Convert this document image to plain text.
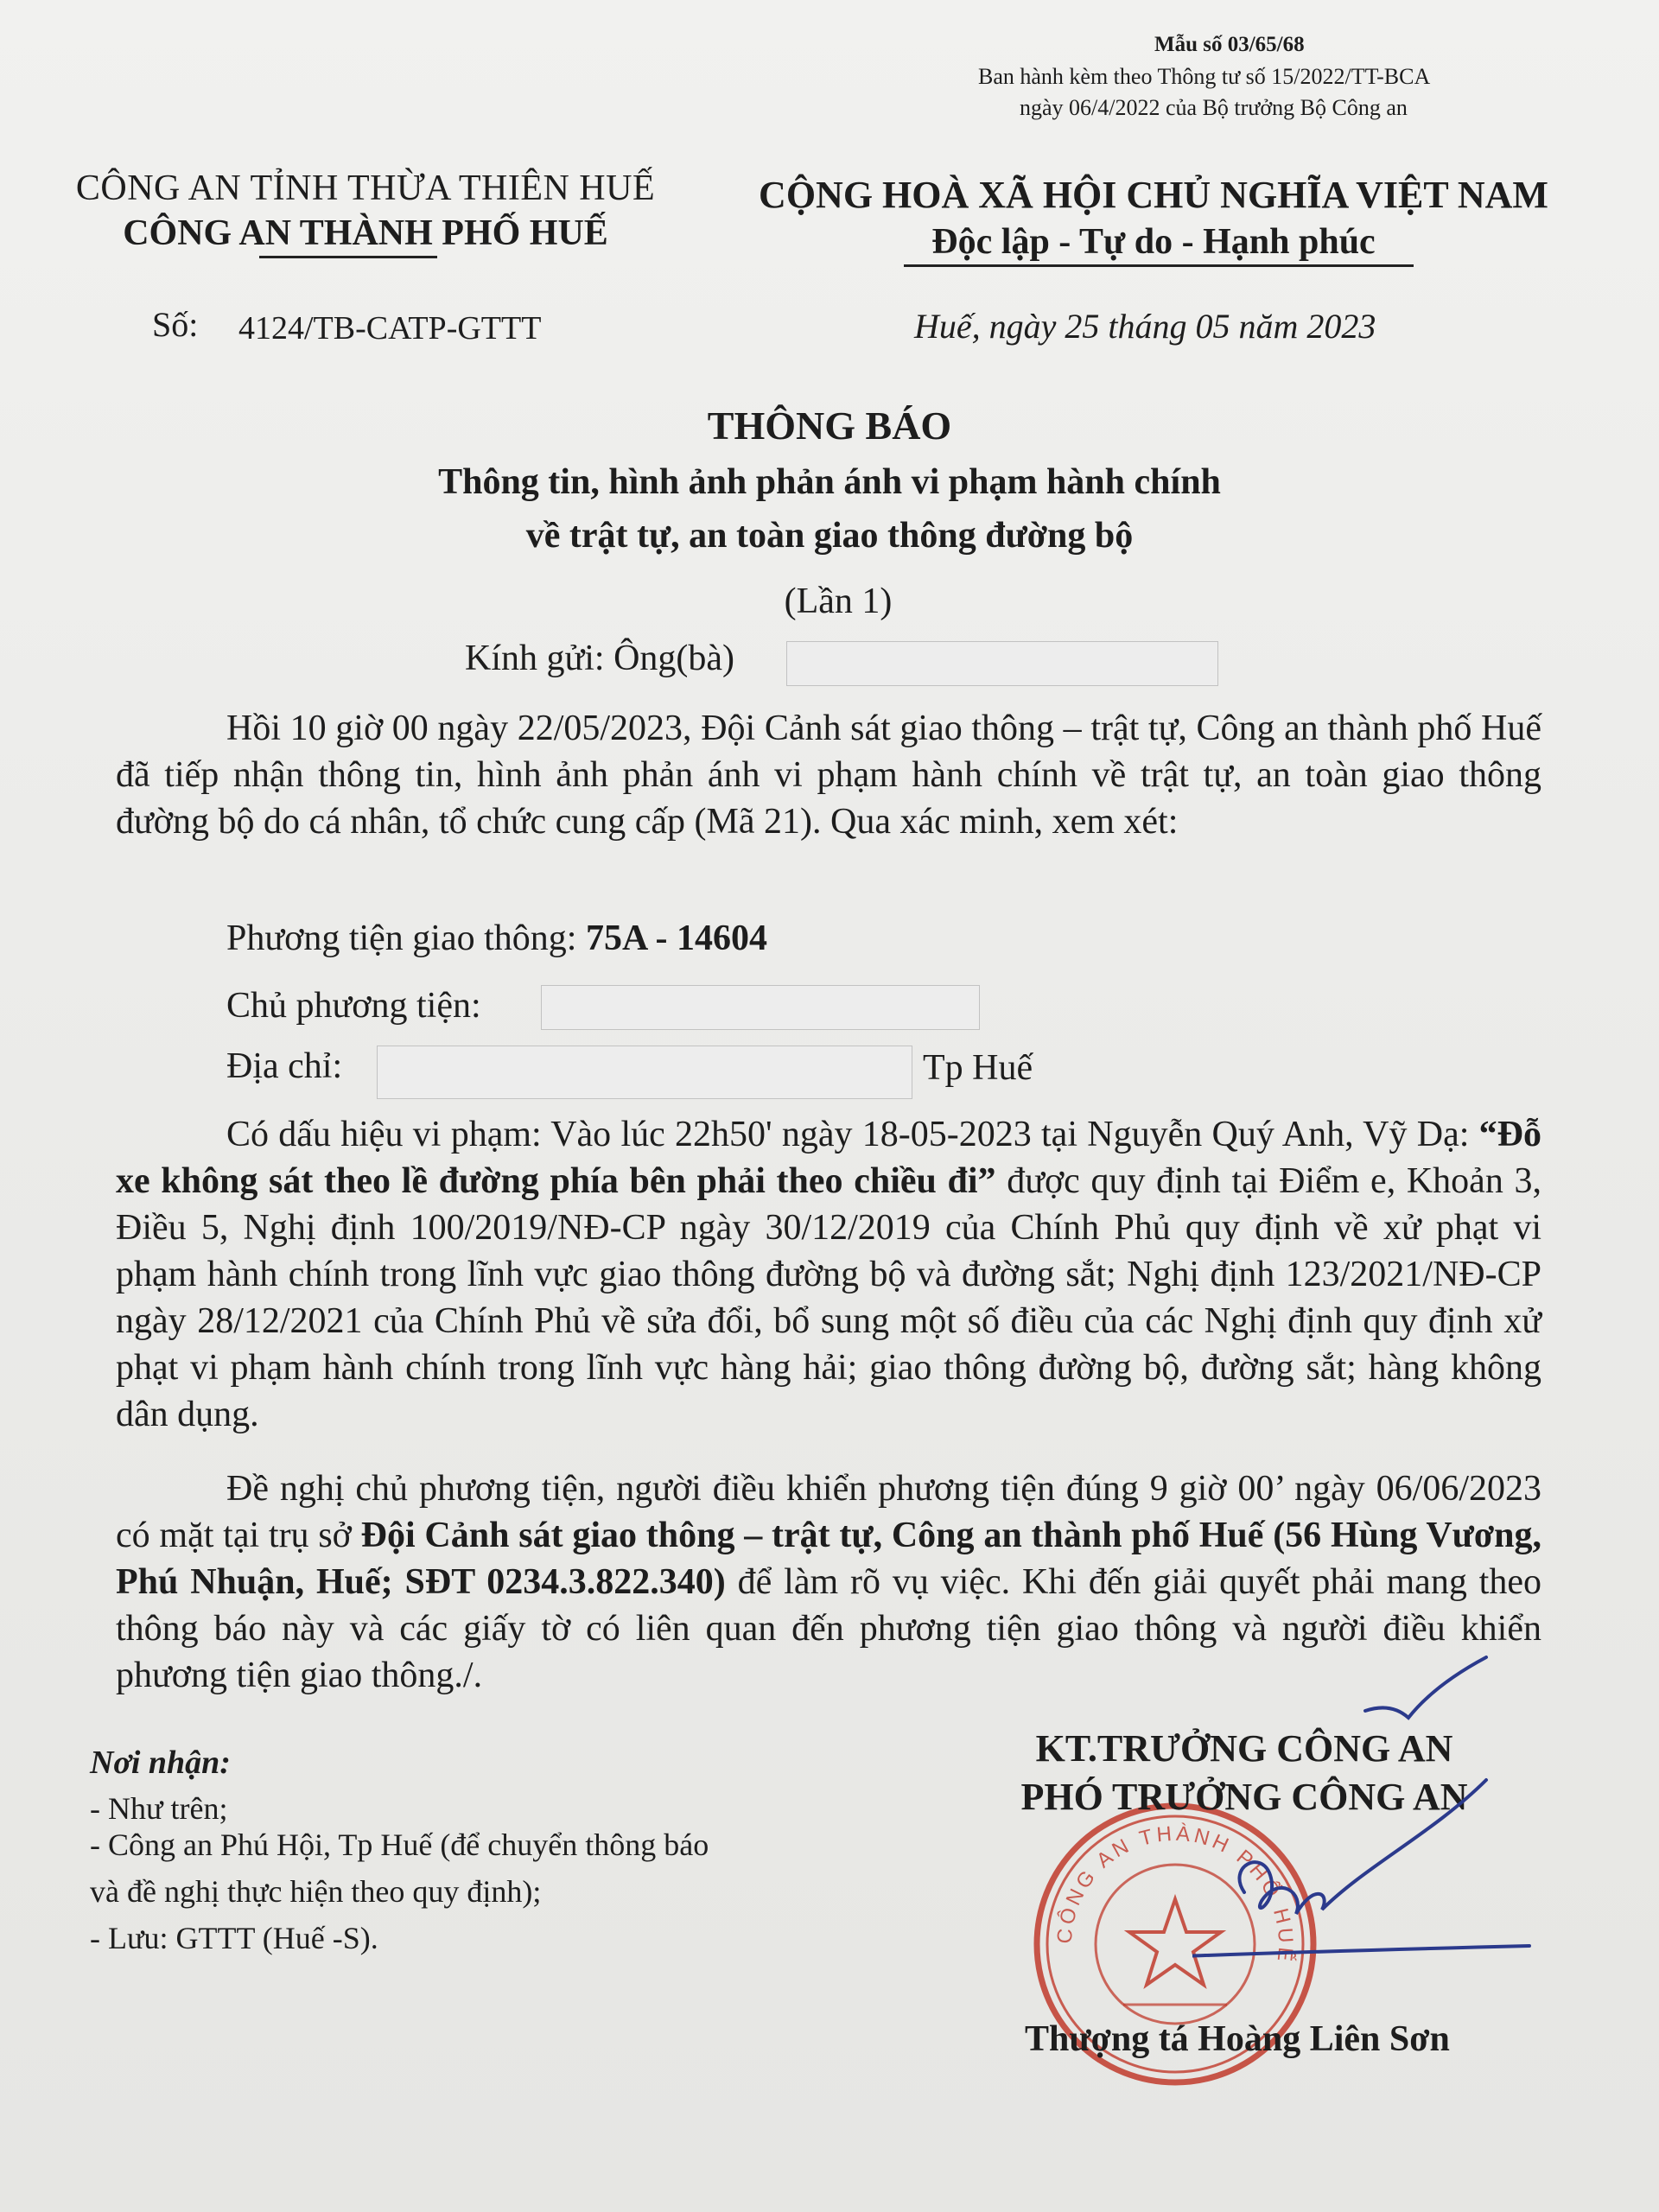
Mẫu số 03/65/68
Ban hành kèm theo Thông tư số 15/2022/TT-BCA
ngày 06/4/2022 của Bộ trưởng Bộ Công an
CÔNG AN TỈNH THỪA THIÊN HUẾ
CÔNG AN THÀNH PHỐ HUẾ
CỘNG HOÀ XÃ HỘI CHỦ NGHĨA VIỆT NAM
Độc lập - Tự do - Hạnh phúc
Số: 4124/TB-CATP-GTTT	Huế, ngày 25 tháng 05 năm 2023
THÔNG BÁO
Thông tin, hình ảnh phản ánh vi phạm hành chính
về trật tự, an toàn giao thông đường bộ
(Lần 1)
Kính gửi: Ông(bà)
Hồi 10 giờ 00 ngày 22/05/2023, Đội Cảnh sát giao thông – trật tự, Công an thành phố Huế đã tiếp nhận thông tin, hình ảnh phản ánh vi phạm hành chính về trật tự, an toàn giao thông đường bộ do cá nhân, tổ chức cung cấp (Mã 21). Qua xác minh, xem xét:
Phương tiện giao thông: 75A - 14604
Chủ phương tiện:
Địa chỉ:	Tp Huế
Có dấu hiệu vi phạm: Vào lúc 22h50' ngày 18-05-2023 tại Nguyễn Quý Anh, Vỹ Dạ: “Đỗ xe không sát theo lề đường phía bên phải theo chiều đi” được quy định tại Điểm e, Khoản 3, Điều 5, Nghị định 100/2019/NĐ-CP ngày 30/12/2019 của Chính Phủ quy định về xử phạt vi phạm hành chính trong lĩnh vực giao thông đường bộ và đường sắt; Nghị định 123/2021/NĐ-CP ngày 28/12/2021 của Chính Phủ về sửa đổi, bổ sung một số điều của các Nghị định quy định xử phạt vi phạm hành chính trong lĩnh vực hàng hải; giao thông đường bộ, đường sắt; hàng không dân dụng.
Đề nghị chủ phương tiện, người điều khiển phương tiện đúng 9 giờ 00’ ngày 06/06/2023 có mặt tại trụ sở Đội Cảnh sát giao thông – trật tự, Công an thành phố Huế (56 Hùng Vương, Phú Nhuận, Huế; SĐT 0234.3.822.340) để làm rõ vụ việc. Khi đến giải quyết phải mang theo thông báo này và các giấy tờ có liên quan đến phương tiện giao thông và người điều khiển phương tiện giao thông./.
Nơi nhận:
- Như trên;
- Công an Phú Hội, Tp Huế (để chuyển thông báo
và đề nghị thực hiện theo quy định);
- Lưu: GTTT (Huế -S).	CÔNG AN THÀNH PHỐ HUẾ
KT.TRƯỞNG CÔNG AN
PHÓ TRƯỞNG CÔNG AN
Thượng tá Hoàng Liên Sơn
